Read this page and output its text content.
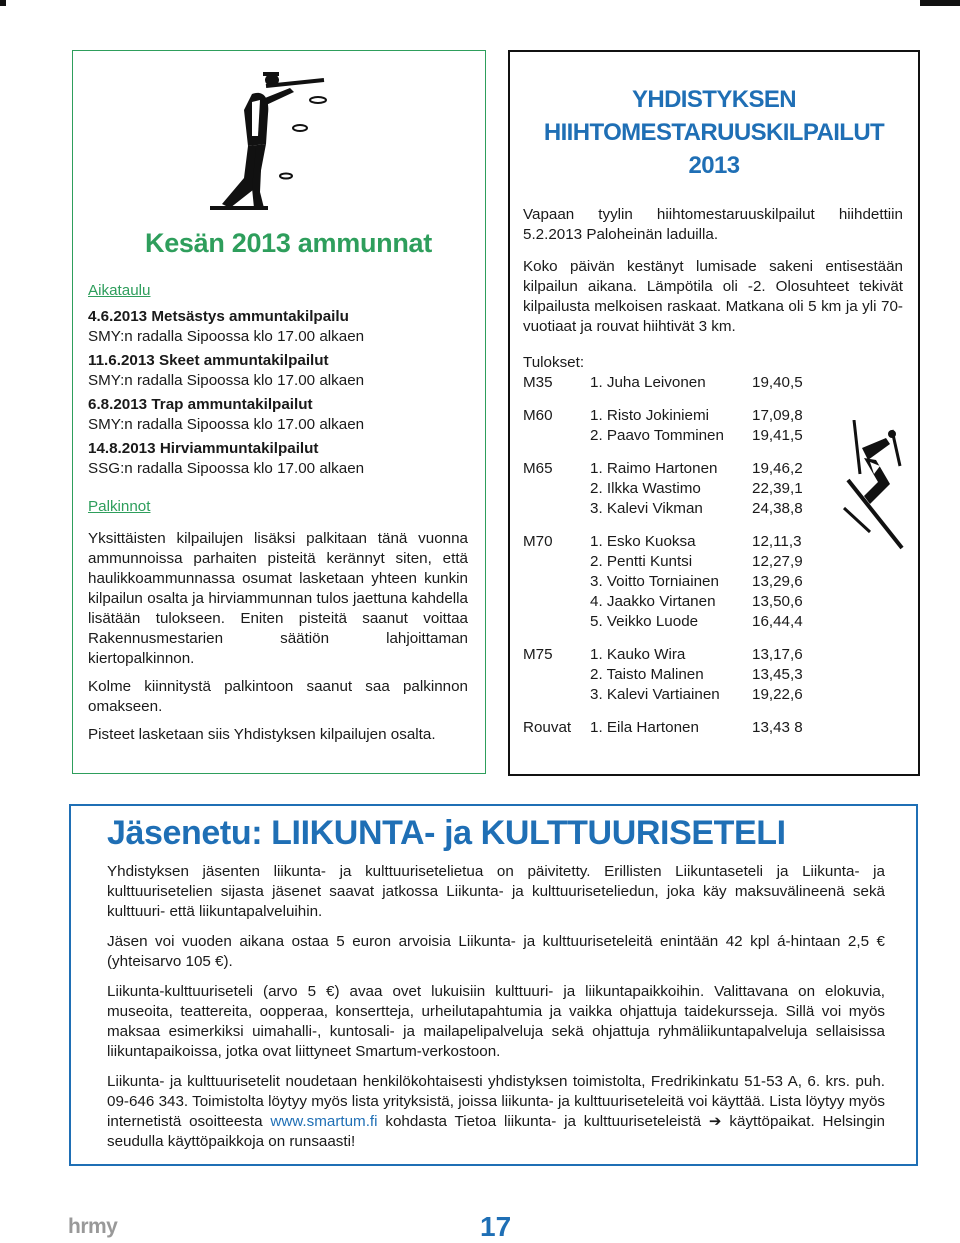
Kesän 2013 ammunnat
Aikataulu
4.6.2013 Metsästys ammuntakilpailu
SMY:n radalla Sipoossa klo 17.00 alkaen
11.6.2013 Skeet ammuntakilpailut
SMY:n radalla Sipoossa klo 17.00 alkaen
6.8.2013 Trap ammuntakilpailut
SMY:n radalla Sipoossa klo 17.00 alkaen
14.8.2013 Hirviammuntakilpailut
SSG:n radalla Sipoossa klo 17.00 alkaen
Palkinnot

Yksittäisten kilpailujen lisäksi palkitaan tänä vuonna ammunnoissa parhaiten pisteitä kerännyt siten, että haulikkoammunnassa osumat lasketaan yhteen kunkin kilpailun osalta ja hirviammunnan tulos jaettuna kahdella lisätään tulokseen. Eniten pisteitä saanut voittaa Rakennusmestarien säätiön lahjoittaman kiertopalkinnon.

Kolme kiinnitystä palkintoon saanut saa palkinnon omakseen.

Pisteet lasketaan siis Yhdistyksen kilpailujen osalta.

YHDISTYKSEN
HIIHTOMESTARUUSKILPAILUT
2013

Vapaan tyylin hiihtomestaruuskilpailut hiihdettiin 5.2.2013 Paloheinän laduilla.

Koko päivän kestänyt lumisade sakeni entisestään kilpailun aikana. Lämpötila oli -2. Olosuhteet tekivät kilpailusta melkoisen raskaat. Matkana oli 5 km ja yli 70-vuotiaat ja rouvat hiihtivät 3 km.

Tulokset:
M35	1. Juha Leivonen	19,40,5

M60	1. Risto Jokiniemi	17,09,8
	2. Paavo Tomminen	19,41,5

M65	1. Raimo Hartonen	19,46,2
	2. Ilkka Wastimo	22,39,1
	3. Kalevi Vikman	24,38,8

M70	1. Esko Kuoksa	12,11,3
	2. Pentti Kuntsi	12,27,9
	3. Voitto Torniainen	13,29,6
	4. Jaakko Virtanen	13,50,6
	5. Veikko Luode	16,44,4

M75	1. Kauko Wira	13,17,6
	2. Taisto Malinen	13,45,3
	3. Kalevi Vartiainen	19,22,6

Rouvat	1. Eila Hartonen	13,43 8
Jäsenetu: LIIKUNTA- ja KULTTUURISETELI

Yhdistyksen jäsenten liikunta- ja kulttuurisetelietua on päivitetty. Erillisten Liikuntaseteli ja Liikunta- ja kulttuurisetelien sijasta jäsenet saavat jatkossa Liikunta- ja kulttuuriseteliedun, joka käy maksuvälineenä sekä kulttuuri- että liikuntapalveluihin.

Jäsen voi vuoden aikana ostaa 5 euron arvoisia Liikunta- ja kulttuuriseteleitä enintään 42 kpl á-hintaan 2,5 € (yhteisarvo 105 €).

Liikunta-kulttuuriseteli (arvo 5 €) avaa ovet lukuisiin kulttuuri- ja liikuntapaikkoihin. Valittavana on elokuvia, museoita, teattereita, oopperaa, konsertteja, urheilutapahtumia ja vaikka ohjattuja taidekursseja. Sillä voi myös maksaa esimerkiksi uimahalli-, kuntosali- ja mailapelipalveluja sekä ohjattuja ryhmäliikuntapalveluja sellaisissa liikuntapaikoissa, jotka ovat liittyneet Smartum-verkostoon.

Liikunta- ja kulttuurisetelit noudetaan henkilökohtaisesti yhdistyksen toimistolta, Fredrikinkatu 51-53 A, 6. krs. puh. 09-646 343. Toimistolta löytyy myös lista yrityksistä, joissa liikunta- ja kulttuuriseteleitä voi käyttää. Lista löytyy myös internetistä osoitteesta www.smartum.fi kohdasta Tietoa liikunta- ja kulttuuriseteleistä ➔ käyttöpaikat. Helsingin seudulla käyttöpaikkoja on runsaasti!

hrmy	17
